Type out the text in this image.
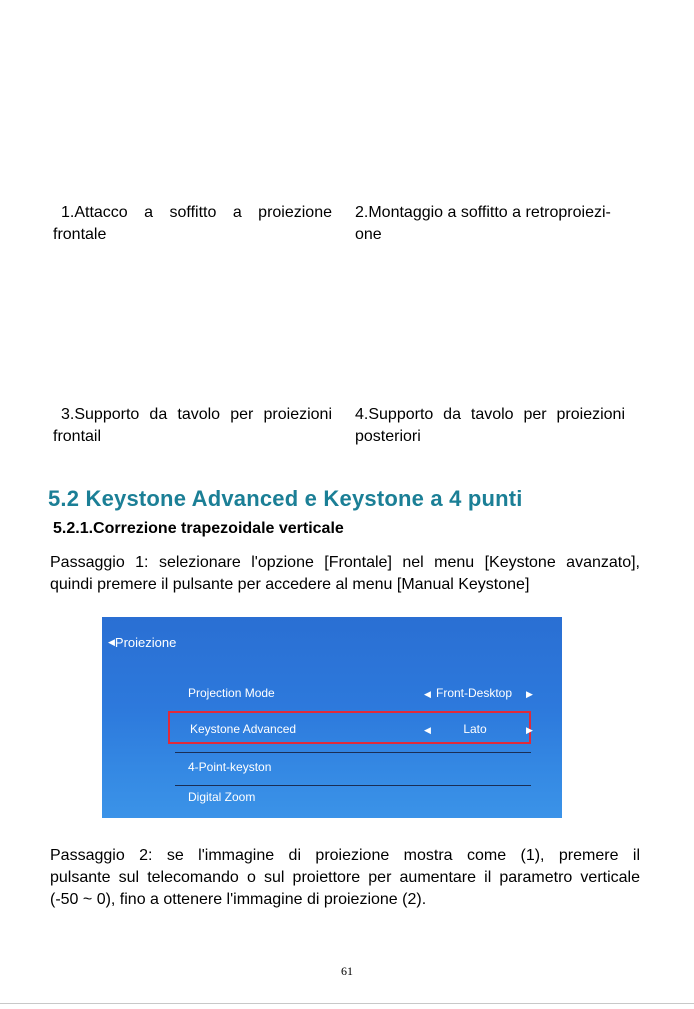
1.Attacco a soffitto a proiezione
frontale
2.Montaggio a soffitto a retroproiezi-
one
3.Supporto da tavolo per proiezioni
frontail
4.Supporto da tavolo per proiezioni
posteriori
5.2 Keystone Advanced e Keystone a 4 punti
5.2.1.Correzione trapezoidale verticale
Passaggio 1: selezionare l'opzione [Frontale] nel menu [Keystone avanzato],
quindi premere il pulsante per accedere al menu [Manual Keystone]
◀Proiezione
Projection Mode	◀ Front-Desktop ▶
Keystone Advanced	◀	Lato	▶
4-Point-keyston
Digital Zoom
Passaggio 2: se l'immagine di proiezione mostra come (1), premere il
pulsante sul telecomando o sul proiettore per aumentare il parametro verticale
(-50 ~ 0), fino a ottenere l'immagine di proiezione (2).
61
